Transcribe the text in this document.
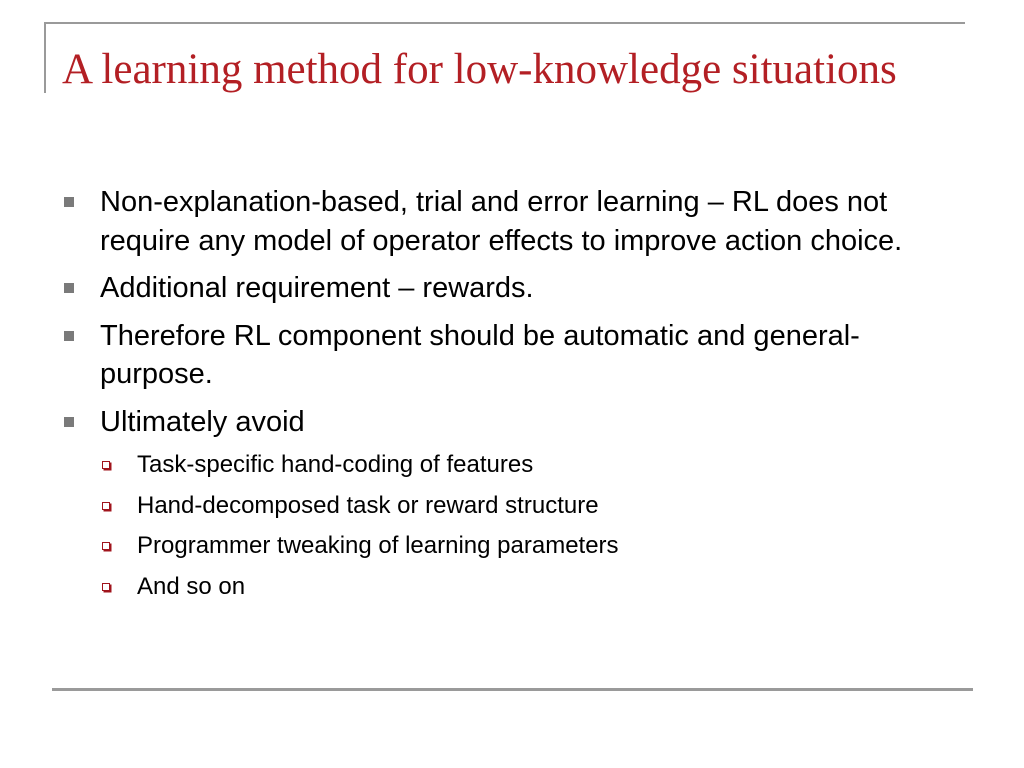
A learning method for low-knowledge situations
Non-explanation-based, trial and error learning – RL does not require any model of operator effects to improve action choice.
Additional requirement – rewards.
Therefore RL component should be automatic and general-purpose.
Ultimately avoid
Task-specific hand-coding of features
Hand-decomposed task or reward structure
Programmer tweaking of learning parameters
And so on
